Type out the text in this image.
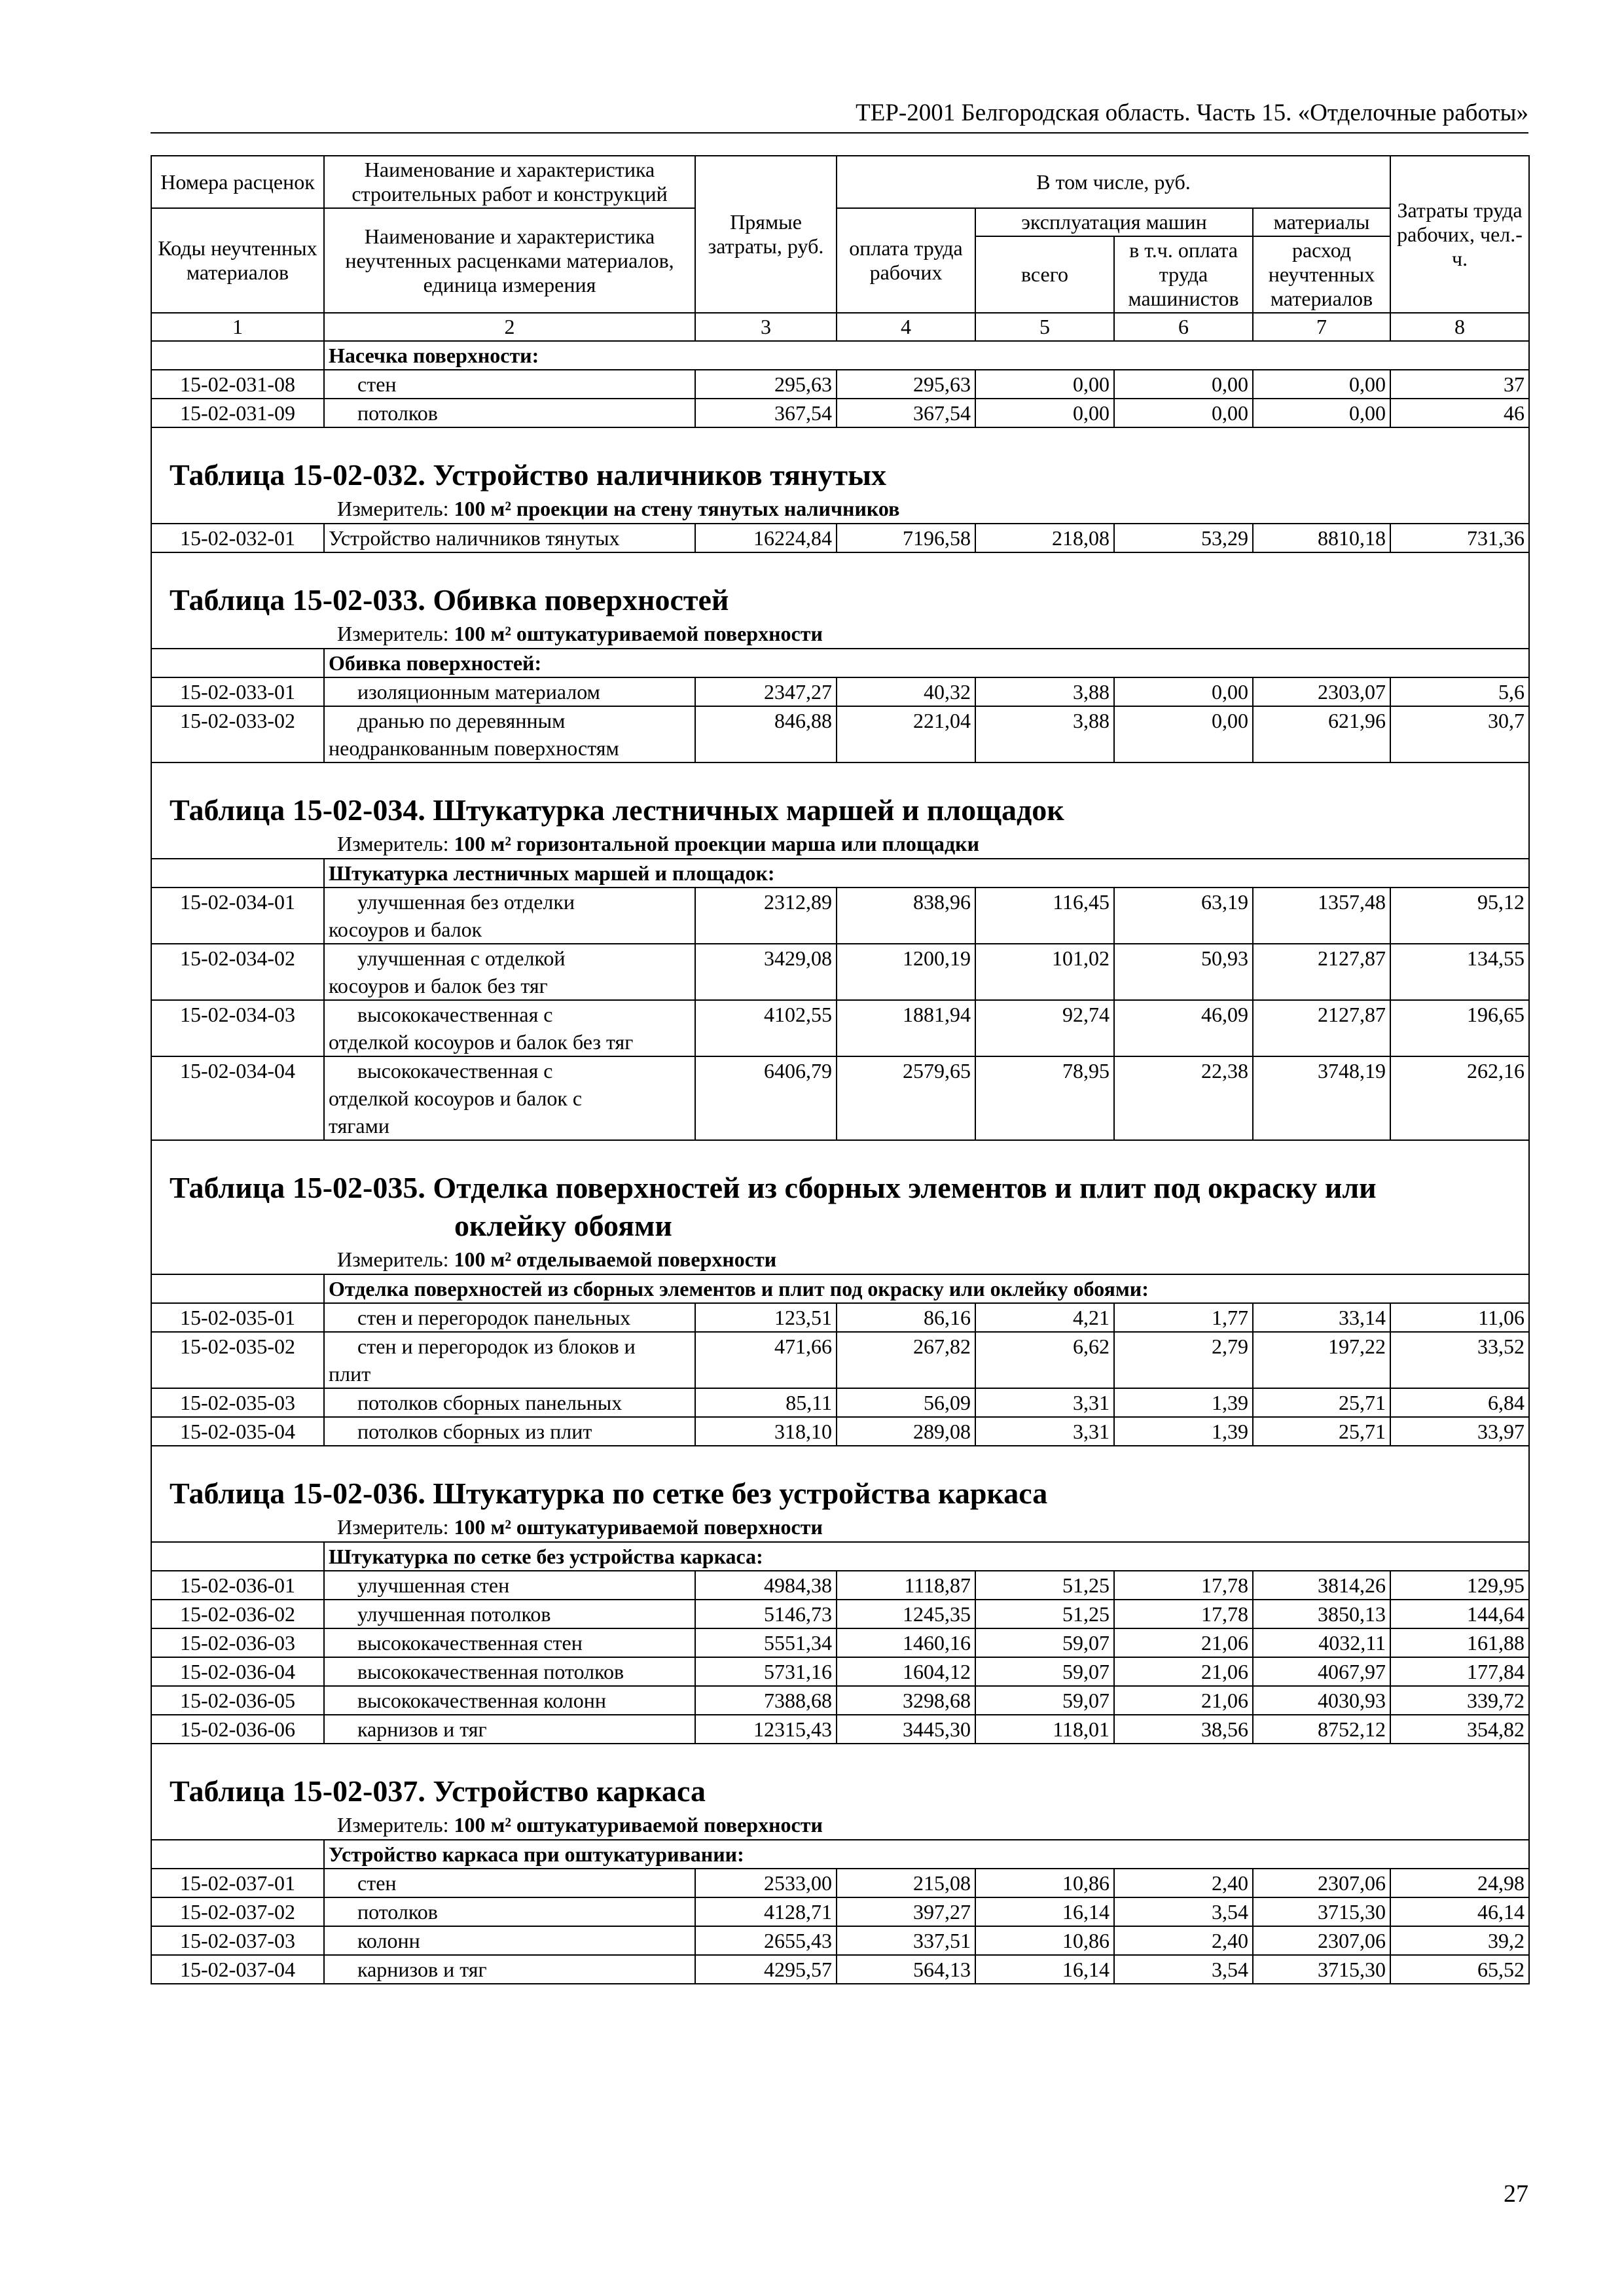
ТЕР-2001 Белгородская область. Часть 15. «Отделочные работы»
Номера расценок	Наименование и характеристика строительных работ и конструкций	Прямые затраты, руб.	В том числе, руб.				Затраты труда рабочих, чел.-ч.
Коды неучтенных материалов	Наименование и характеристика неучтенных расценками материалов, единица измерения		оплата труда рабочих	эксплуатация машин		материалы	
				всего	в т.ч. оплата труда машинистов	расход неучтенных материалов	
1	2	3	4	5	6	7	8
	Насечка поверхности:						
15-02-031-08	стен	295,63	295,63	0,00	0,00	0,00	37
15-02-031-09	потолков	367,54	367,54	0,00	0,00	0,00	46

Таблица 15-02-032. Устройство наличников тянутых							
Измеритель: 100 м² проекции на стену тянутых наличников							
15-02-032-01	Устройство наличников тянутых	16224,84	7196,58	218,08	53,29	8810,18	731,36

Таблица 15-02-033. Обивка поверхностей							
Измеритель: 100 м² оштукатуриваемой поверхности							
	Обивка поверхностей:						
15-02-033-01	изоляционным материалом	2347,27	40,32	3,88	0,00	2303,07	5,6
15-02-033-02	дранью по деревянным
неодранкованным поверхностям	846,88	221,04	3,88	0,00	621,96	30,7

Таблица 15-02-034. Штукатурка лестничных маршей и площадок							
Измеритель: 100 м² горизонтальной проекции марша или площадки							
	Штукатурка лестничных маршей и площадок:						
15-02-034-01	улучшенная без отделки
косоуров и балок	2312,89	838,96	116,45	63,19	1357,48	95,12
15-02-034-02	улучшенная с отделкой
косоуров и балок без тяг	3429,08	1200,19	101,02	50,93	2127,87	134,55
15-02-034-03	высококачественная с
отделкой косоуров и балок без тяг	4102,55	1881,94	92,74	46,09	2127,87	196,65
15-02-034-04	высококачественная с
отделкой косоуров и балок с
тягами	6406,79	2579,65	78,95	22,38	3748,19	262,16

Таблица 15-02-035. Отделка поверхностей из сборных элементов и плит под окраску или
оклейку обоями							

Измеритель: 100 м² отделываемой поверхности							
	Отделка поверхностей из сборных элементов и плит под окраску или оклейку обоями:						
15-02-035-01	стен и перегородок панельных	123,51	86,16	4,21	1,77	33,14	11,06
15-02-035-02	стен и перегородок из блоков и
плит	471,66	267,82	6,62	2,79	197,22	33,52
15-02-035-03	потолков сборных панельных	85,11	56,09	3,31	1,39	25,71	6,84
15-02-035-04	потолков сборных из плит	318,10	289,08	3,31	1,39	25,71	33,97

Таблица 15-02-036. Штукатурка по сетке без устройства каркаса							
Измеритель: 100 м² оштукатуриваемой поверхности							
	Штукатурка по сетке без устройства каркаса:						
15-02-036-01	улучшенная стен	4984,38	1118,87	51,25	17,78	3814,26	129,95
15-02-036-02	улучшенная потолков	5146,73	1245,35	51,25	17,78	3850,13	144,64
15-02-036-03	высококачественная стен	5551,34	1460,16	59,07	21,06	4032,11	161,88
15-02-036-04	высококачественная потолков	5731,16	1604,12	59,07	21,06	4067,97	177,84
15-02-036-05	высококачественная колонн	7388,68	3298,68	59,07	21,06	4030,93	339,72
15-02-036-06	карнизов и тяг	12315,43	3445,30	118,01	38,56	8752,12	354,82

Таблица 15-02-037. Устройство каркаса							
Измеритель: 100 м² оштукатуриваемой поверхности							
	Устройство каркаса при оштукатуривании:						
15-02-037-01	стен	2533,00	215,08	10,86	2,40	2307,06	24,98
15-02-037-02	потолков	4128,71	397,27	16,14	3,54	3715,30	46,14
15-02-037-03	колонн	2655,43	337,51	10,86	2,40	2307,06	39,2
15-02-037-04	карнизов и тяг	4295,57	564,13	16,14	3,54	3715,30	65,52
27
